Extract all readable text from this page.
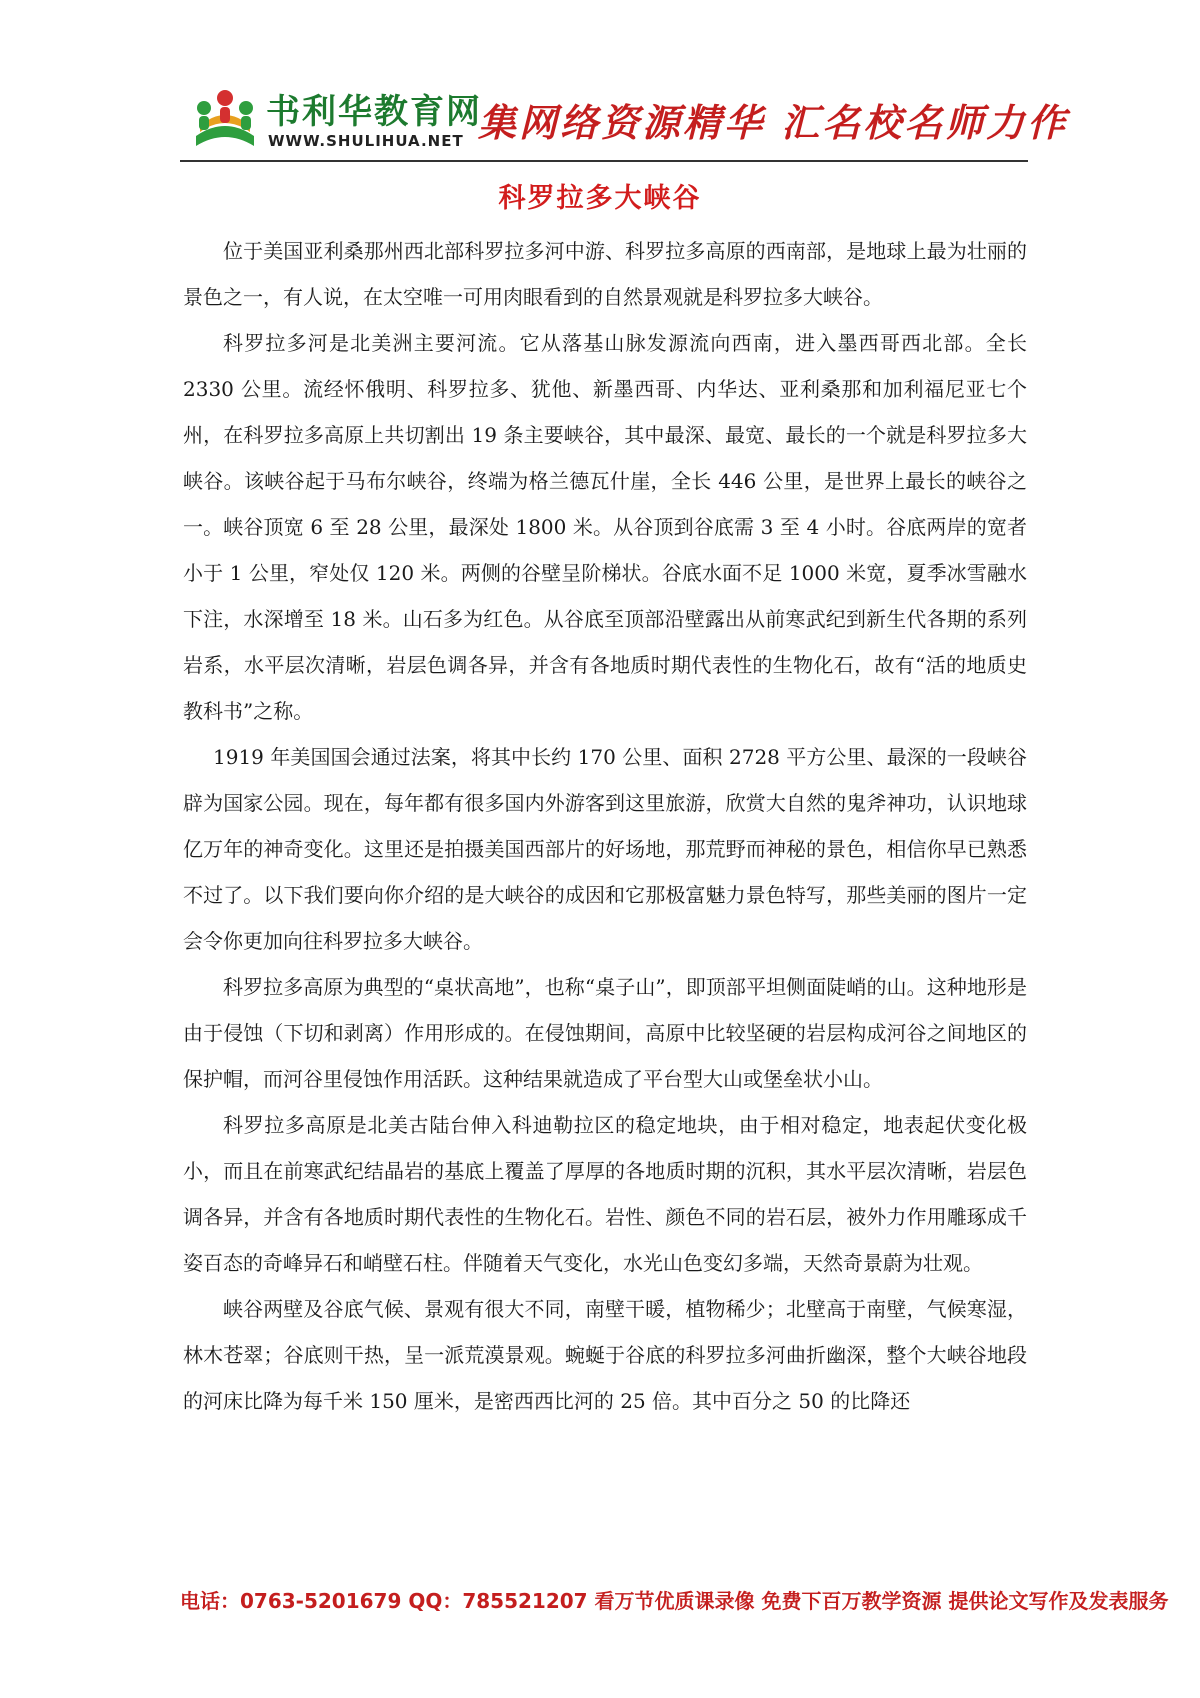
书利华教育网
WWW.SHULIHUA.NET 集网络资源精华 汇名校名师力作
科罗拉多大峡谷

位于美国亚利桑那州西北部科罗拉多河中游、科罗拉多高原的西南部，是地球上最为壮丽的景色之一，有人说，在太空唯一可用肉眼看到的自然景观就是科罗拉多大峡谷。

科罗拉多河是北美洲主要河流。它从落基山脉发源流向西南，进入墨西哥西北部。全长2330 公里。流经怀俄明、科罗拉多、犹他、新墨西哥、内华达、亚利桑那和加利福尼亚七个州，在科罗拉多高原上共切割出 19 条主要峡谷，其中最深、最宽、最长的一个就是科罗拉多大峡谷。该峡谷起于马布尔峡谷，终端为格兰德瓦什崖，全长 446 公里，是世界上最长的峡谷之一。峡谷顶宽 6 至 28 公里，最深处 1800 米。从谷顶到谷底需 3 至 4 小时。谷底两岸的宽者小于 1 公里，窄处仅 120 米。两侧的谷壁呈阶梯状。谷底水面不足 1000 米宽，夏季冰雪融水下注，水深增至 18 米。山石多为红色。从谷底至顶部沿壁露出从前寒武纪到新生代各期的系列岩系，水平层次清晰，岩层色调各异，并含有各地质时期代表性的生物化石，故有“活的地质史教科书”之称。

1919 年美国国会通过法案，将其中长约 170 公里、面积 2728 平方公里、最深的一段峡谷辟为国家公园。现在，每年都有很多国内外游客到这里旅游，欣赏大自然的鬼斧神功，认识地球亿万年的神奇变化。这里还是拍摄美国西部片的好场地，那荒野而神秘的景色，相信你早已熟悉不过了。以下我们要向你介绍的是大峡谷的成因和它那极富魅力景色特写，那些美丽的图片一定会令你更加向往科罗拉多大峡谷。

科罗拉多高原为典型的“桌状高地”，也称“桌子山”，即顶部平坦侧面陡峭的山。这种地形是由于侵蚀（下切和剥离）作用形成的。在侵蚀期间，高原中比较坚硬的岩层构成河谷之间地区的保护帽，而河谷里侵蚀作用活跃。这种结果就造成了平台型大山或堡垒状小山。

科罗拉多高原是北美古陆台伸入科迪勒拉区的稳定地块，由于相对稳定，地表起伏变化极小，而且在前寒武纪结晶岩的基底上覆盖了厚厚的各地质时期的沉积，其水平层次清晰，岩层色调各异，并含有各地质时期代表性的生物化石。岩性、颜色不同的岩石层，被外力作用雕琢成千姿百态的奇峰异石和峭壁石柱。伴随着天气变化，水光山色变幻多端，天然奇景蔚为壮观。

峡谷两壁及谷底气候、景观有很大不同，南壁干暖，植物稀少；北壁高于南壁，气候寒湿，林木苍翠；谷底则干热，呈一派荒漠景观。蜿蜒于谷底的科罗拉多河曲折幽深，整个大峡谷地段的河床比降为每千米 150 厘米，是密西西比河的 25 倍。其中百分之 50 的比降还

电话：0763-5201679 QQ：785521207 看万节优质课录像 免费下百万教学资源 提供论文写作及发表服务
